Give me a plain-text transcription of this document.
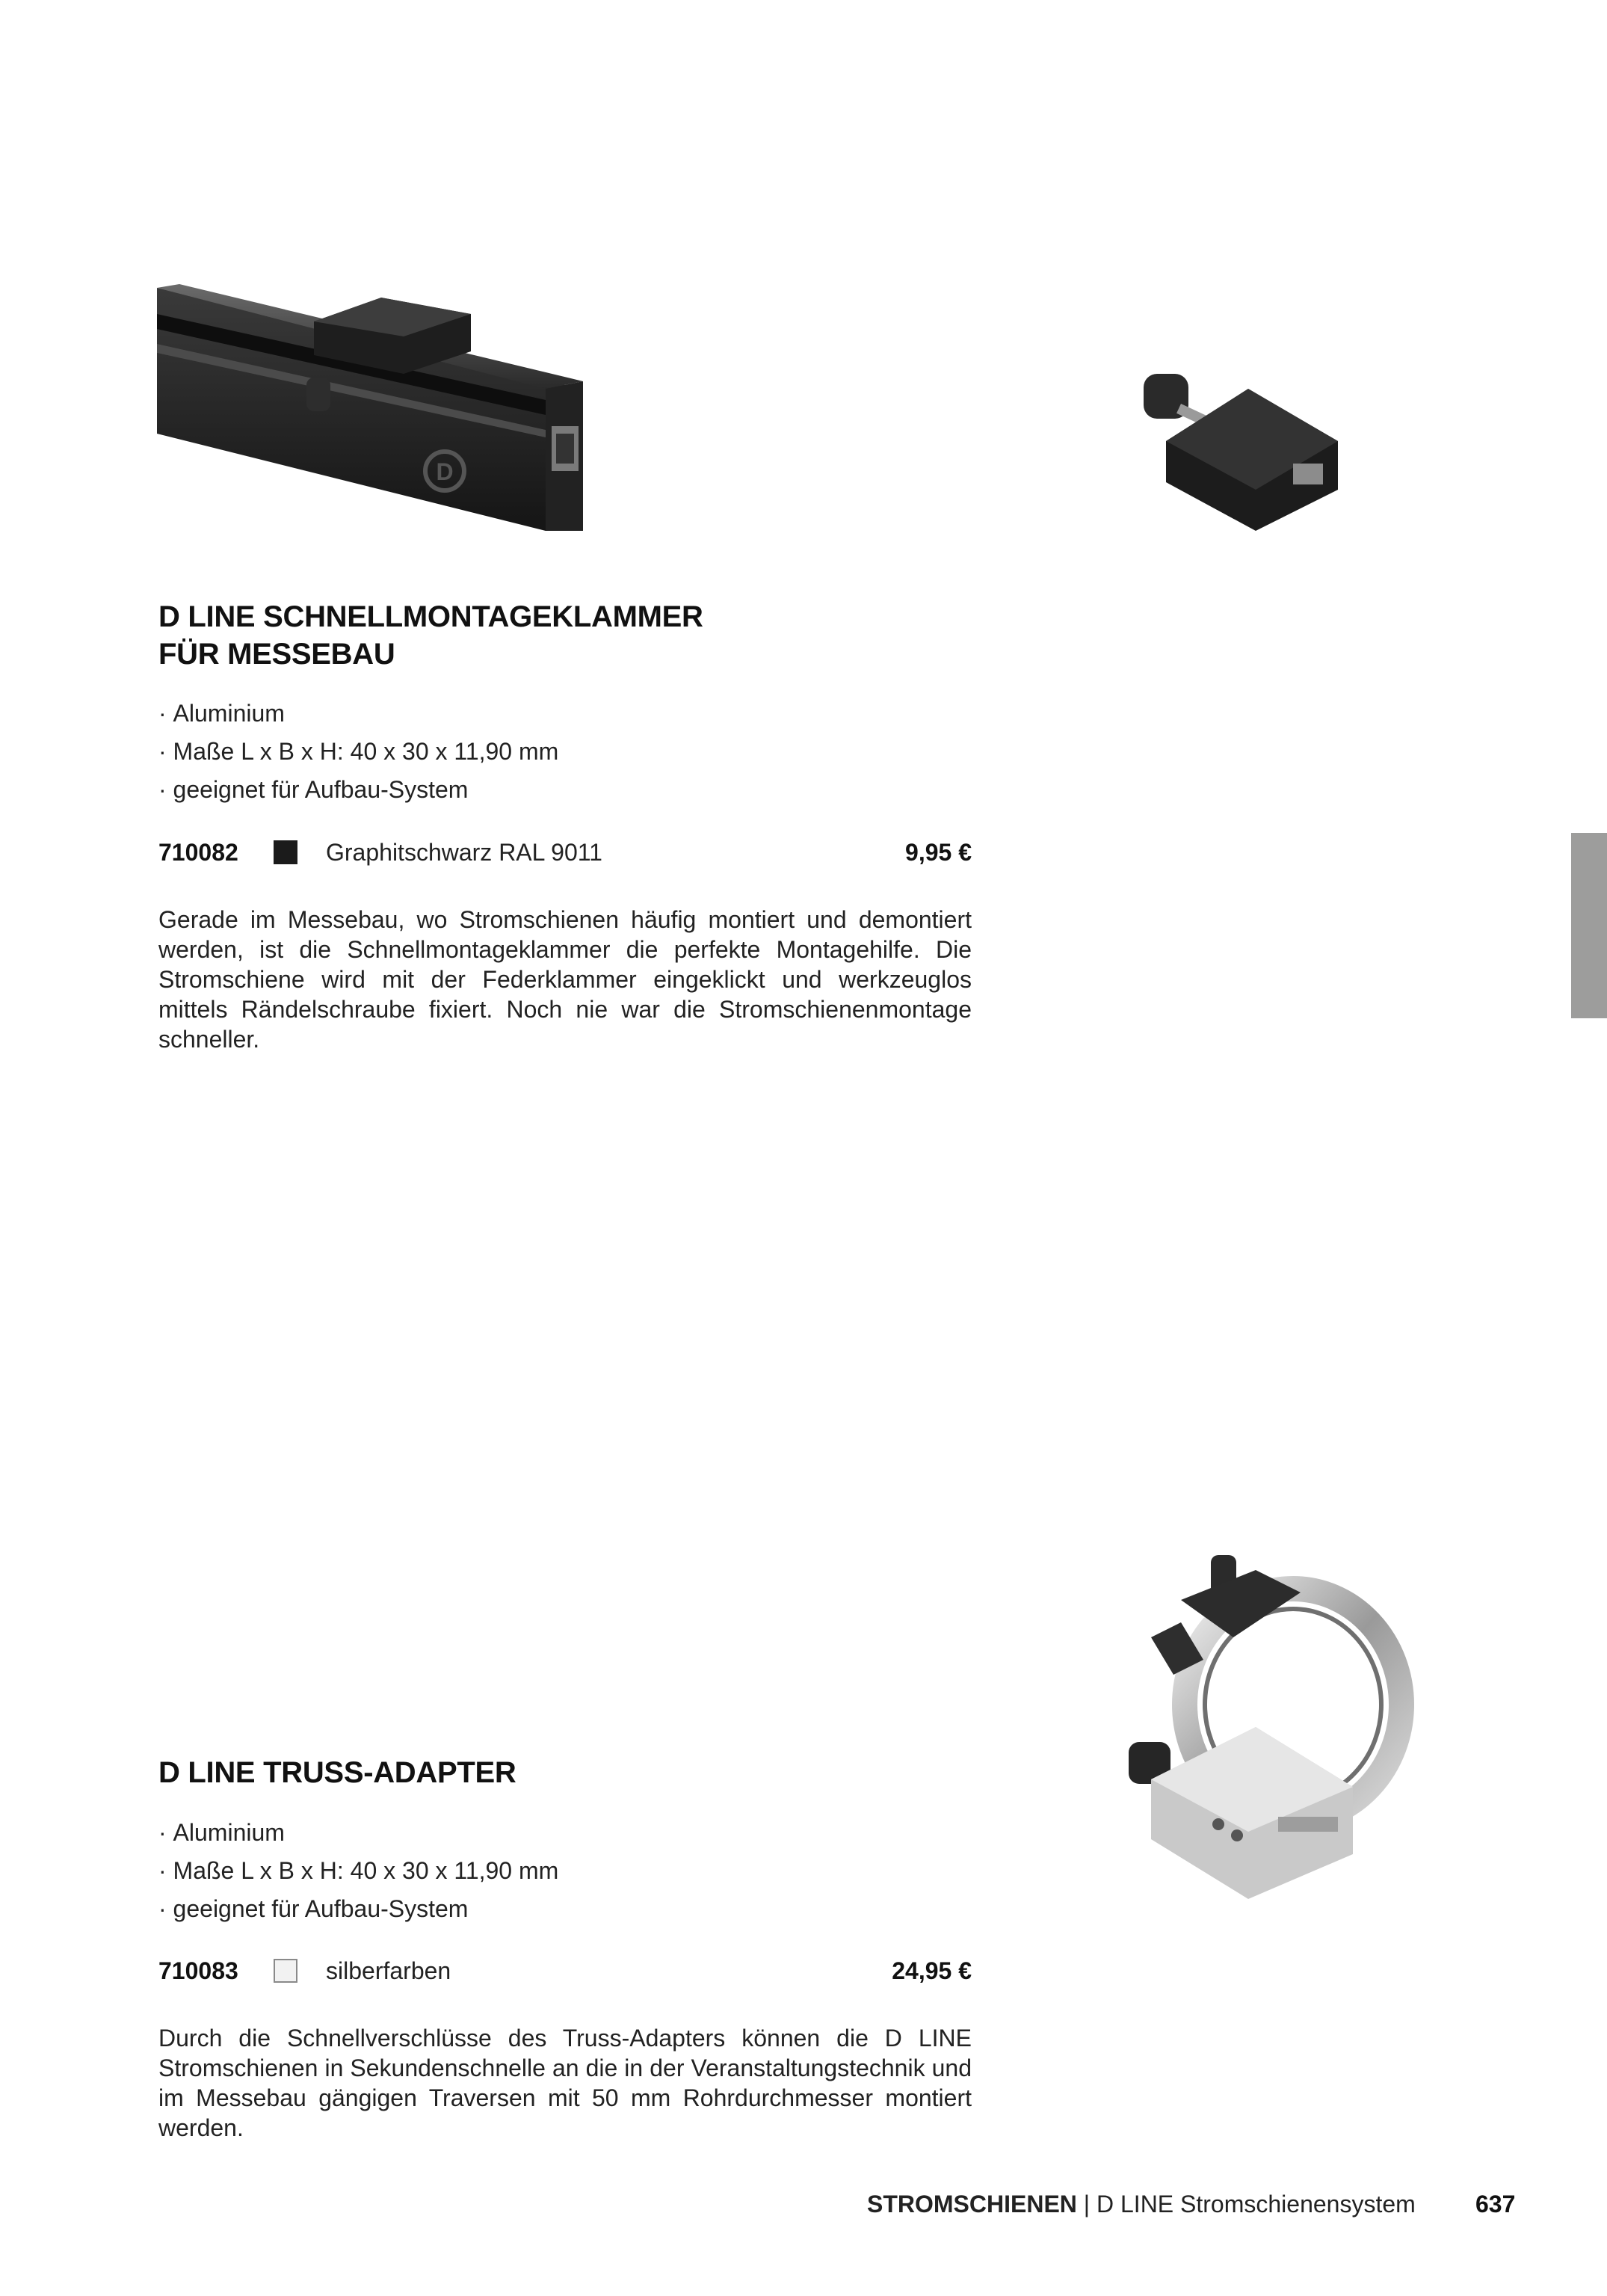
D
D LINE SCHNELLMONTAGEKLAMMER
FÜR MESSEBAU
· Aluminium
· Maße L x B x H: 40 x 30 x 11,90 mm
· geeignet für Aufbau-System
710082	Graphitschwarz RAL 9011	9,95 €
Gerade im Messebau, wo Stromschienen häufig montiert und demontiert werden, ist die Schnellmontageklammer die perfekte Montagehilfe. Die Stromschiene wird mit der Federklammer eingeklickt und werkzeuglos mittels Rändelschraube fixiert. Noch nie war die Stromschienenmontage schneller.
D LINE TRUSS-ADAPTER
· Aluminium
· Maße L x B x H: 40 x 30 x 11,90 mm
· geeignet für Aufbau-System
710083	silberfarben	24,95 €
Durch die Schnellverschlüsse des Truss-Adapters können die D LINE Stromschienen in Sekundenschnelle an die in der Veranstaltungstechnik und im Messebau gängigen Traversen mit 50 mm Rohrdurchmesser montiert werden.
STROMSCHIENEN | D LINE Stromschienensystem	637
